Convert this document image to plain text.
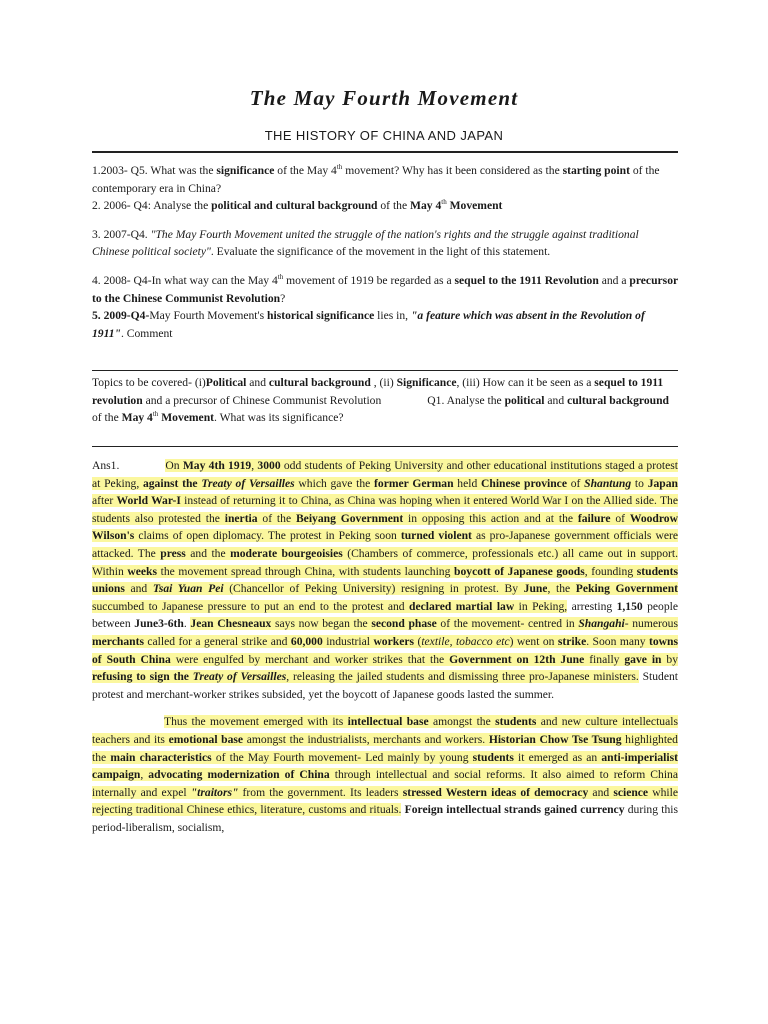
The May Fourth Movement
THE HISTORY OF CHINA AND JAPAN

1.2003- Q5. What was the significance of the May 4th movement? Why has it been considered as the starting point of the contemporary era in China?

2. 2006- Q4: Analyse the political and cultural background of the May 4th Movement

3. 2007-Q4. "The May Fourth Movement united the struggle of the nation's rights and the struggle against traditional Chinese political society". Evaluate the significance of the movement in the light of this statement.

4. 2008- Q4-In what way can the May 4th movement of 1919 be regarded as a sequel to the 1911 Revolution and a precursor to the Chinese Communist Revolution?

5. 2009-Q4-May Fourth Movement's historical significance lies in, "a feature which was absent in the Revolution of 1911". Comment

Topics to be covered- (i)Political and cultural background , (ii) Significance, (iii) How can it be seen as a sequel to 1911 revolution and a precursor of Chinese Communist Revolution	Q1. Analyse the political and cultural background of the May 4th Movement. What was its significance?

Ans1.	On May 4th 1919, 3000 odd students of Peking University and other educational institutions staged a protest at Peking, against the Treaty of Versailles which gave the former German held Chinese province of Shantung to Japan after World War-I instead of returning it to China, as China was hoping when it entered World War I on the Allied side. The students also protested the inertia of the Beiyang Government in opposing this action and at the failure of Woodrow Wilson's claims of open diplomacy. The protest in Peking soon turned violent as pro-Japanese government officials were attacked. The press and the moderate bourgeoisies (Chambers of commerce, professionals etc.) all came out in support. Within weeks the movement spread through China, with students launching boycott of Japanese goods, founding students unions and Tsai Yuan Pei (Chancellor of Peking University) resigning in protest. By June, the Peking Government succumbed to Japanese pressure to put an end to the protest and declared martial law in Peking, arresting 1,150 people between June3-6th. Jean Chesneaux says now began the second phase of the movement- centred in Shangahi- numerous merchants called for a general strike and 60,000 industrial workers (textile, tobacco etc) went on strike. Soon many towns of South China were engulfed by merchant and worker strikes that the Government on 12th June finally gave in by refusing to sign the Treaty of Versailles, releasing the jailed students and dismissing three pro-Japanese ministers. Student protest and merchant-worker strikes subsided, yet the boycott of Japanese goods lasted the summer.

Thus the movement emerged with its intellectual base amongst the students and new culture intellectuals teachers and its emotional base amongst the industrialists, merchants and workers. Historian Chow Tse Tsung highlighted the main characteristics of the May Fourth movement- Led mainly by young students it emerged as an anti-imperialist campaign, advocating modernization of China through intellectual and social reforms. It also aimed to reform China internally and expel "traitors" from the government. Its leaders stressed Western ideas of democracy and science while rejecting traditional Chinese ethics, literature, customs and rituals. Foreign intellectual strands gained currency during this period-liberalism, socialism,
